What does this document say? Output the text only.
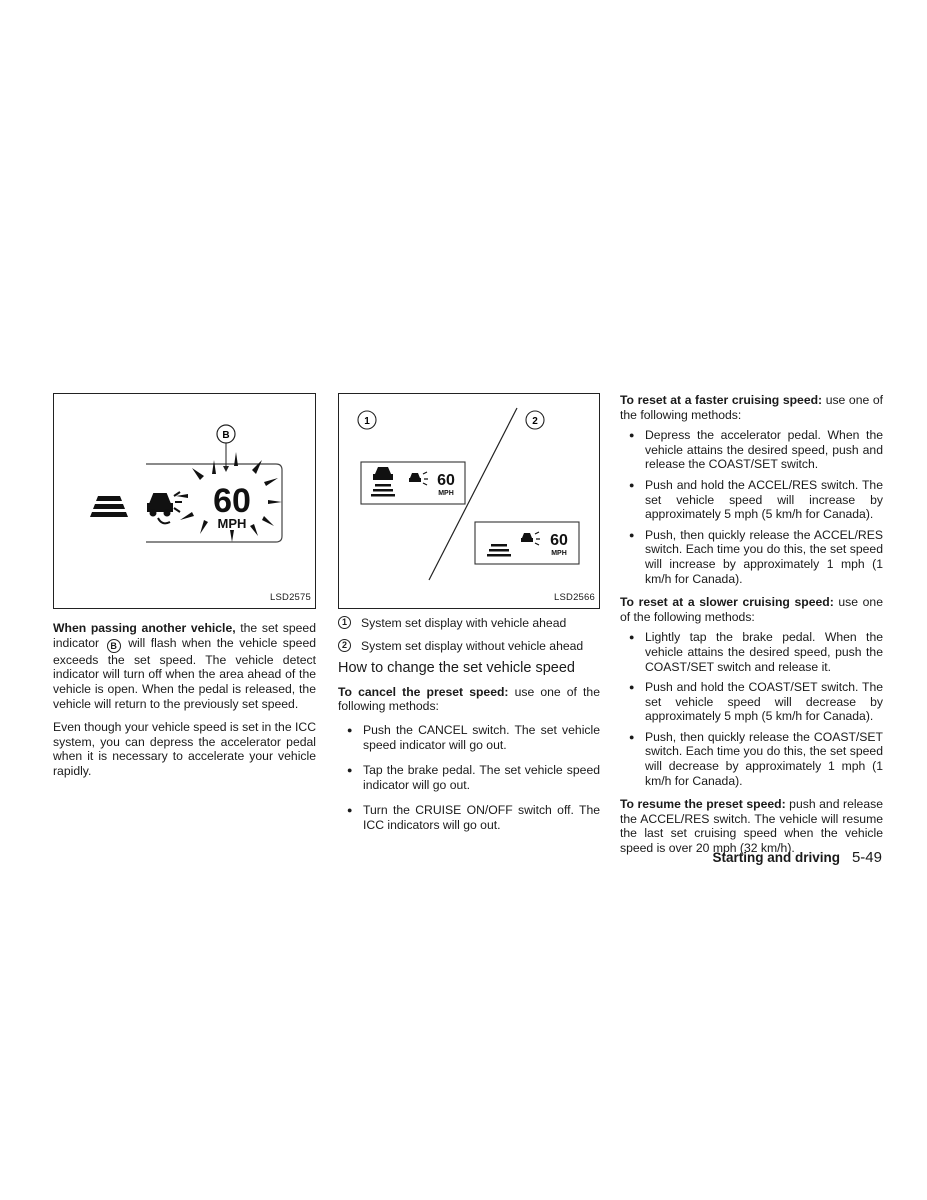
B
60
MPH
LSD2575

When passing another vehicle, the set speed indicator B will flash when the vehicle speed exceeds the set speed. The vehicle detect indicator will turn off when the area ahead of the vehicle is open. When the pedal is released, the vehicle will return to the previously set speed.

Even though your vehicle speed is set in the ICC system, you can depress the accelerator pedal when it is necessary to accelerate your vehicle rapidly.

1	2
60
MPH
60
MPH
LSD2566
1	System set display with vehicle ahead
2	System set display without vehicle ahead
How to change the set vehicle speed

To cancel the preset speed: use one of the following methods:

● Push the CANCEL switch. The set vehicle speed indicator will go out.
● Tap the brake pedal. The set vehicle speed indicator will go out.
● Turn the CRUISE ON/OFF switch off. The ICC indicators will go out.

To reset at a faster cruising speed: use one of the following methods:

● Depress the accelerator pedal. When the vehicle attains the desired speed, push and release the COAST/SET switch.
● Push and hold the ACCEL/RES switch. The set vehicle speed will increase by approximately 5 mph (5 km/h for Canada).
● Push, then quickly release the ACCEL/RES switch. Each time you do this, the set speed will increase by approximately 1 mph (1 km/h for Canada).

To reset at a slower cruising speed: use one of the following methods:

● Lightly tap the brake pedal. When the vehicle attains the desired speed, push the COAST/SET switch and release it.
● Push and hold the COAST/SET switch. The set vehicle speed will decrease by approximately 5 mph (5 km/h for Canada).
● Push, then quickly release the COAST/SET switch. Each time you do this, the set speed will decrease by approximately 1 mph (1 km/h for Canada).

To resume the preset speed: push and release the ACCEL/RES switch. The vehicle will resume the last set cruising speed when the vehicle speed is over 20 mph (32 km/h).

Starting and driving 5-49
